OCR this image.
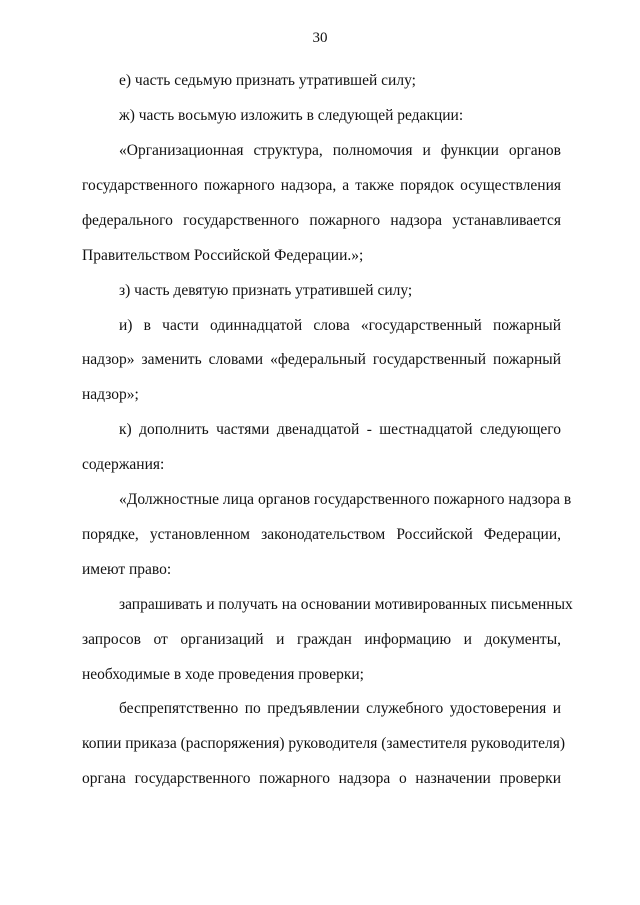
30
е) часть седьмую признать утратившей силу;
ж) часть восьмую изложить в следующей редакции:
«Организационная структура, полномочия и функции органов
государственного пожарного надзора, а также порядок осуществления
федерального государственного пожарного надзора устанавливается
Правительством Российской Федерации.»;
з) часть девятую признать утратившей силу;
и) в части одиннадцатой слова «государственный пожарный
надзор» заменить словами «федеральный государственный пожарный
надзор»;
к) дополнить частями двенадцатой - шестнадцатой следующего
содержания:
«Должностные лица органов государственного пожарного надзора в
порядке, установленном законодательством Российской Федерации,
имеют право:
запрашивать и получать на основании мотивированных письменных
запросов от организаций и граждан информацию и документы,
необходимые в ходе проведения проверки;
беспрепятственно по предъявлении служебного удостоверения и
копии приказа (распоряжения) руководителя (заместителя руководителя)
органа государственного пожарного надзора о назначении проверки
